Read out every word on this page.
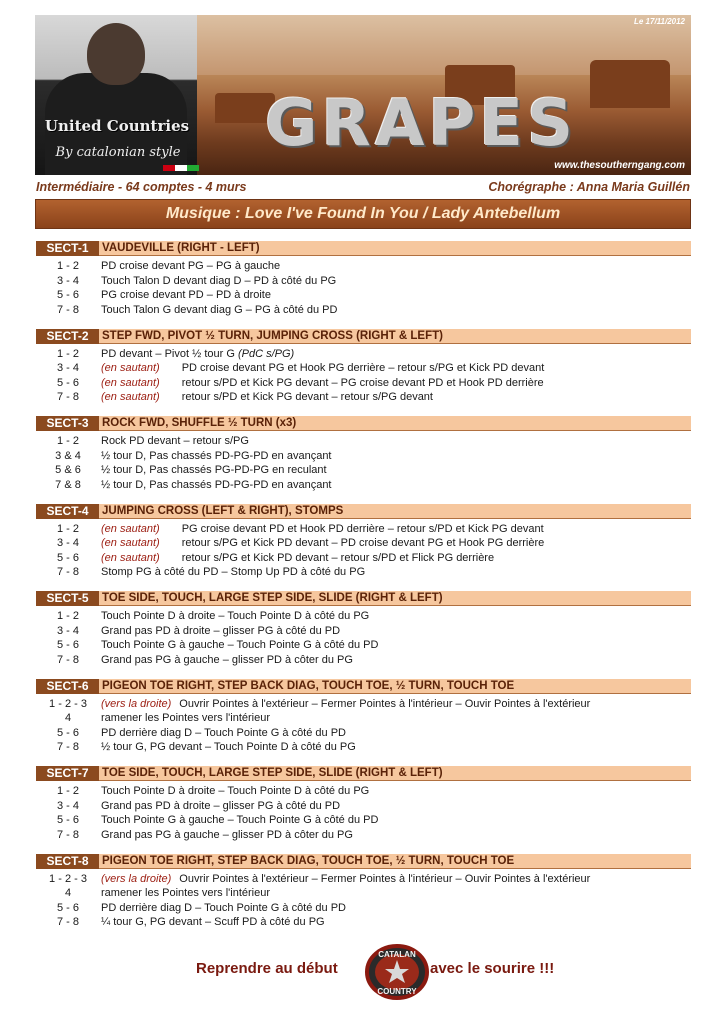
United Countries
By catalonian style
Le 17/11/2012
GRAPES
www.thesoutherngang.com
Intermédiaire - 64 comptes - 4 murs	Chorégraphe : Anna Maria Guillén
Musique : Love I've Found In You / Lady Antebellum
SECT-1	VAUDEVILLE (RIGHT - LEFT)
1 - 2	PD croise devant PG – PG à gauche
3 - 4	Touch Talon D devant diag D – PD à côté du PG
5 - 6	PG croise devant PD – PD à droite
7 - 8	Touch Talon G devant diag G – PG à côté du PD
SECT-2	STEP FWD, PIVOT ½ TURN, JUMPING CROSS (RIGHT & LEFT)
1 - 2	PD devant – Pivot ½ tour G (PdC s/PG)
3 - 4	(en sautant) PD croise devant PG et Hook PG derrière – retour s/PG et Kick PD devant
5 - 6	(en sautant) retour s/PD et Kick PG devant – PG croise devant PD et Hook PD derrière
7 - 8	(en sautant) retour s/PD et Kick PG devant – retour s/PG devant
SECT-3	ROCK FWD, SHUFFLE ½ TURN (x3)
1 - 2	Rock PD devant – retour s/PG
3 & 4	½ tour D, Pas chassés PD-PG-PD en avançant
5 & 6	½ tour D, Pas chassés PG-PD-PG en reculant
7 & 8	½ tour D, Pas chassés PD-PG-PD en avançant
SECT-4	JUMPING CROSS (LEFT & RIGHT), STOMPS
1 - 2	(en sautant) PG croise devant PD et Hook PD derrière – retour s/PD et Kick PG devant
3 - 4	(en sautant) retour s/PG et Kick PD devant – PD croise devant PG et Hook PG derrière
5 - 6	(en sautant) retour s/PG et Kick PD devant – retour s/PD et Flick PG derrière
7 - 8	Stomp PG à côté du PD – Stomp Up PD à côté du PG
SECT-5	TOE SIDE, TOUCH, LARGE STEP SIDE, SLIDE (RIGHT & LEFT)
1 - 2	Touch Pointe D à droite – Touch Pointe D à côté du PG
3 - 4	Grand pas PD à droite – glisser PG à côté du PD
5 - 6	Touch Pointe G à gauche – Touch Pointe G à côté du PD
7 - 8	Grand pas PG à gauche – glisser PD à côter du PG
SECT-6	PIGEON TOE RIGHT, STEP BACK DIAG, TOUCH TOE, ½ TURN, TOUCH TOE
1 - 2 - 3	(vers la droite) Ouvrir Pointes à l'extérieur – Fermer Pointes à l'intérieur – Ouvir Pointes à l'extérieur
4	ramener les Pointes vers l'intérieur
5 - 6	PD derrière diag D – Touch Pointe G à côté du PD
7 - 8	½ tour G, PG devant – Touch Pointe D à côté du PG
SECT-7	TOE SIDE, TOUCH, LARGE STEP SIDE, SLIDE (RIGHT & LEFT)
1 - 2	Touch Pointe D à droite – Touch Pointe D à côté du PG
3 - 4	Grand pas PD à droite – glisser PG à côté du PD
5 - 6	Touch Pointe G à gauche – Touch Pointe G à côté du PD
7 - 8	Grand pas PG à gauche – glisser PD à côter du PG
SECT-8	PIGEON TOE RIGHT, STEP BACK DIAG, TOUCH TOE, ½ TURN, TOUCH TOE
1 - 2 - 3	(vers la droite) Ouvrir Pointes à l'extérieur – Fermer Pointes à l'intérieur – Ouvir Pointes à l'extérieur
4	ramener les Pointes vers l'intérieur
5 - 6	PD derrière diag D – Touch Pointe G à côté du PD
7 - 8	¼ tour G, PG devant – Scuff PD à côté du PG
Reprendre au début
CATALAN
COUNTRY
avec le sourire !!!
